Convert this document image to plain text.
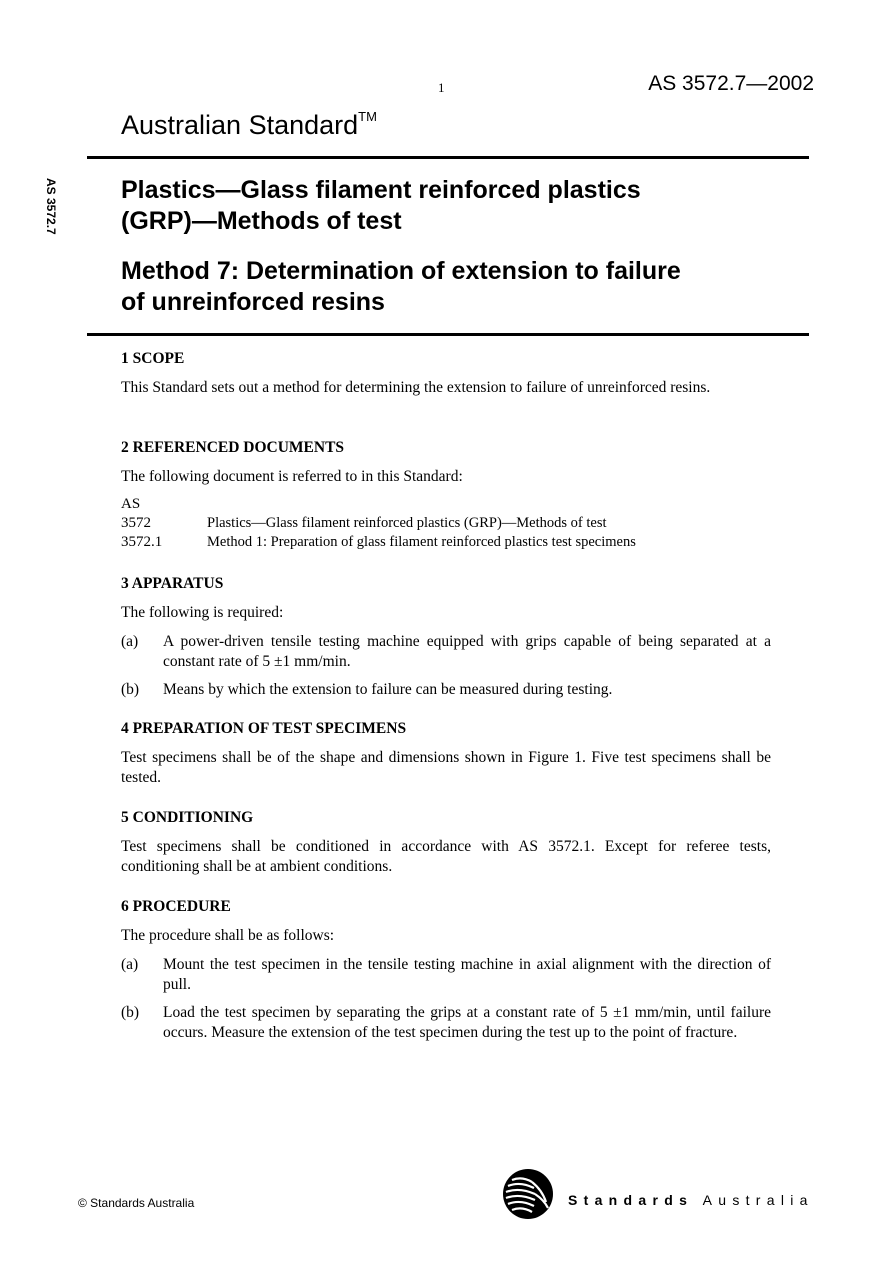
1	AS 3572.7—2002
Australian Standard™
AS 3572.7	Plastics—Glass filament reinforced plastics
(GRP)—Methods of test
Method 7: Determination of extension to failure
of unreinforced resins
1 SCOPE
This Standard sets out a method for determining the extension to failure of unreinforced resins.
2 REFERENCED DOCUMENTS
The following document is referred to in this Standard:
AS
3572	Plastics—Glass filament reinforced plastics (GRP)—Methods of test
3572.1	Method 1: Preparation of glass filament reinforced plastics test specimens
3 APPARATUS
The following is required:
(a) A power-driven tensile testing machine equipped with grips capable of being separated at a constant rate of 5 ±1 mm/min.
(b) Means by which the extension to failure can be measured during testing.
4 PREPARATION OF TEST SPECIMENS
Test specimens shall be of the shape and dimensions shown in Figure 1. Five test specimens shall be tested.
5 CONDITIONING
Test specimens shall be conditioned in accordance with AS 3572.1. Except for referee tests, conditioning shall be at ambient conditions.
6 PROCEDURE
The procedure shall be as follows:
(a) Mount the test specimen in the tensile testing machine in axial alignment with the direction of pull.
(b) Load the test specimen by separating the grips at a constant rate of 5 ±1 mm/min, until failure occurs. Measure the extension of the test specimen during the test up to the point of fracture.
© Standards Australia	Standards Australia
